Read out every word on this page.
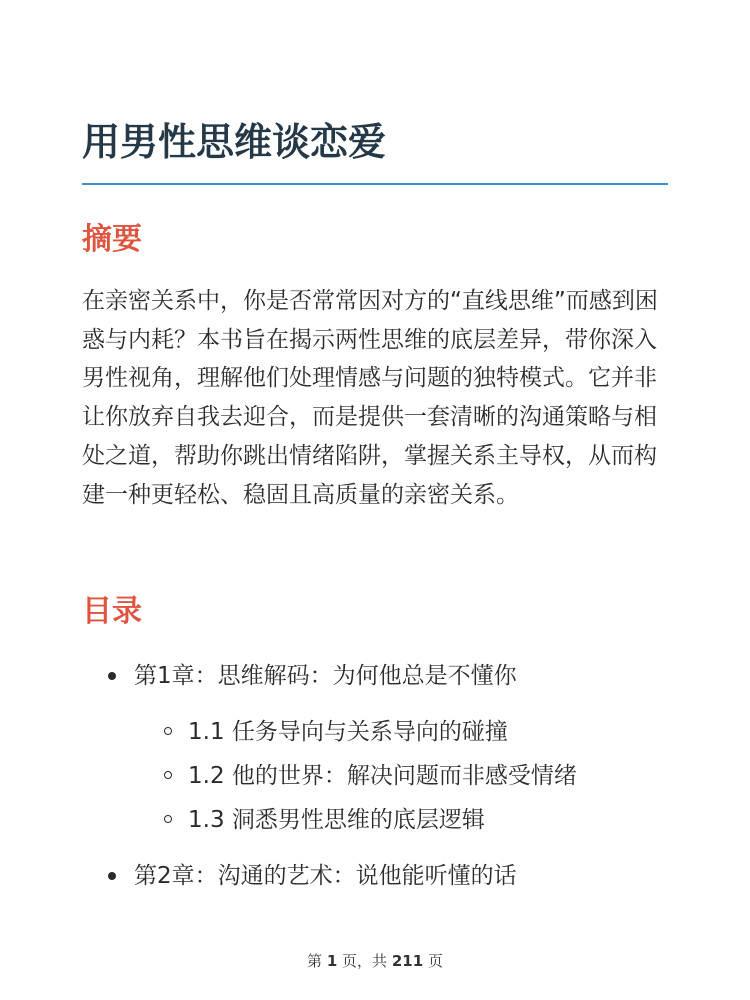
用男性思维谈恋爱
摘要

在亲密关系中，你是否常常因对方的“直线思维”而感到困惑与内耗？本书旨在揭示两性思维的底层差异，带你深入男性视角，理解他们处理情感与问题的独特模式。它并非让你放弃自我去迎合，而是提供一套清晰的沟通策略与相处之道，帮助你跳出情绪陷阱，掌握关系主导权，从而构建一种更轻松、稳固且高质量的亲密关系。

目录
第1章：思维解码：为何他总是不懂你
1.1 任务导向与关系导向的碰撞
1.2 他的世界：解决问题而非感受情绪
1.3 洞悉男性思维的底层逻辑
第2章：沟通的艺术：说他能听懂的话
第 1 页，共 211 页
